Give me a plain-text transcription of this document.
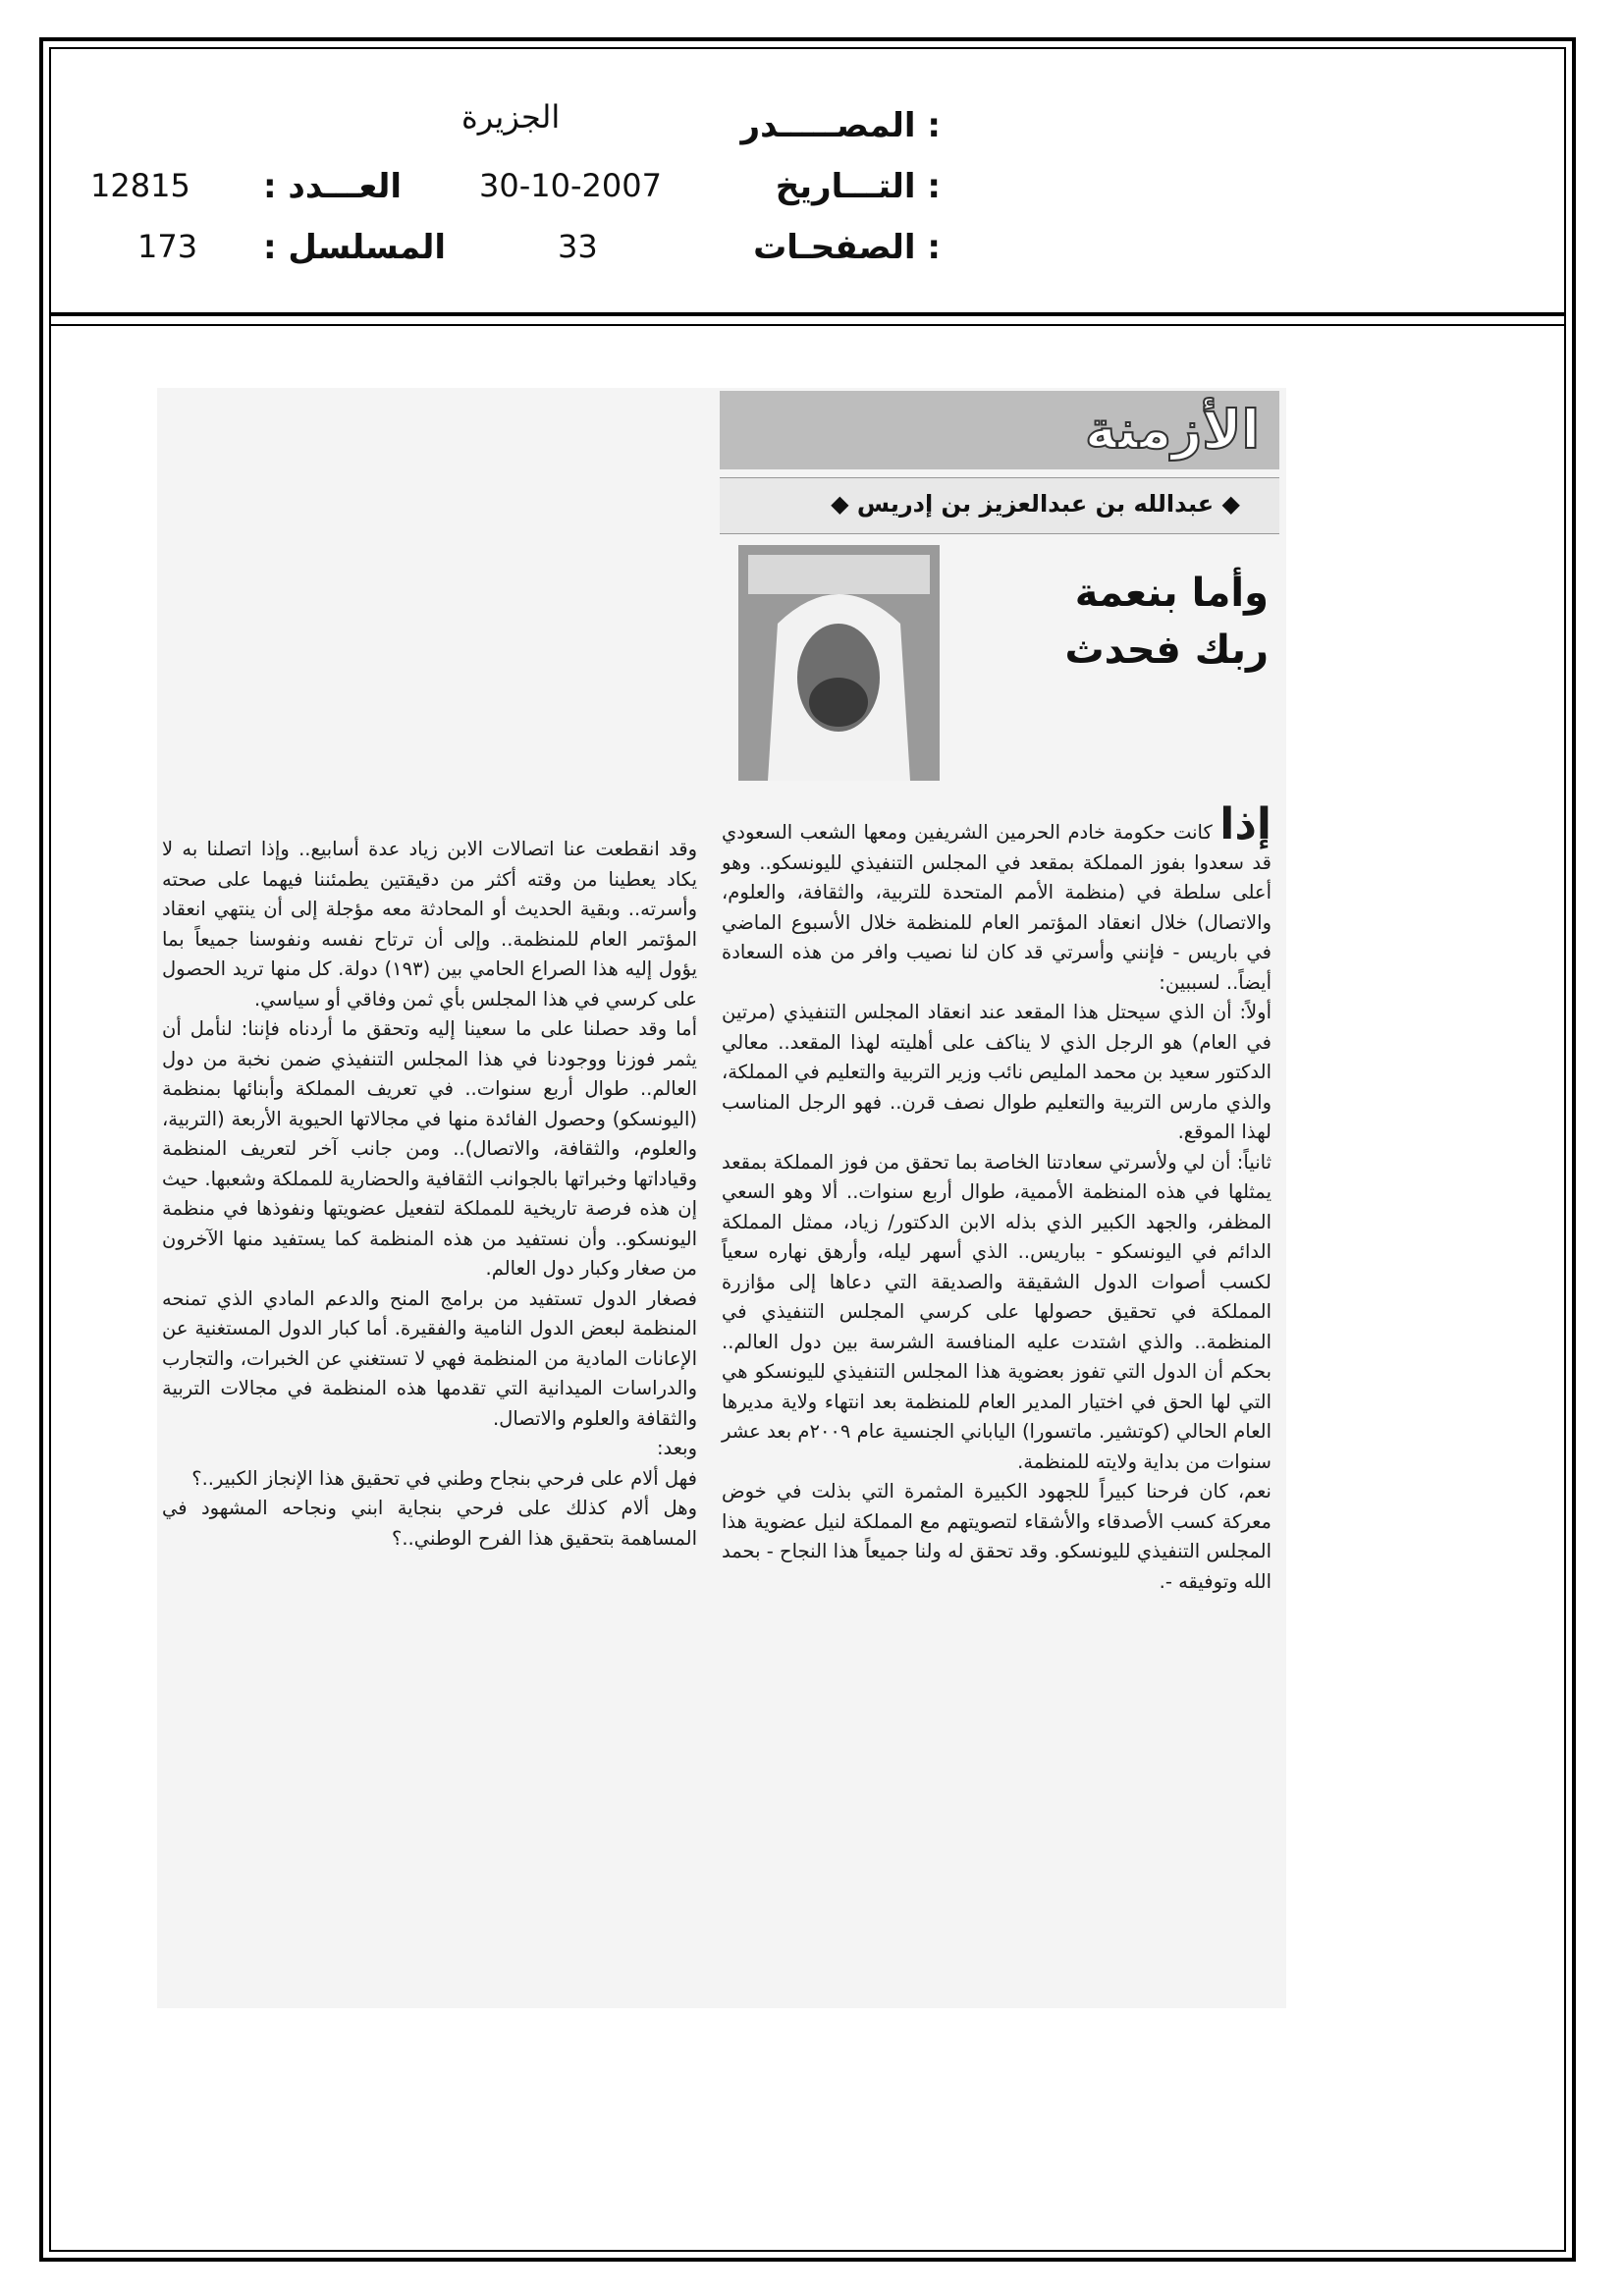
المصـــــدر :
الجزيرة
التـــاريخ :
30-10-2007
العـــدد :
12815
الصفحـات :
33
المسلسل :
173
الأزمنة
◆ عبدالله بن عبدالعزيز بن إدريس ◆
وأما بنعمة
ربك فحدث

إذا كانت حكومة خادم الحرمين الشريفين ومعها الشعب السعودي قد سعدوا بفوز المملكة بمقعد في المجلس التنفيذي لليونسكو.. وهو أعلى سلطة في (منظمة الأمم المتحدة للتربية، والثقافة، والعلوم، والاتصال) خلال انعقاد المؤتمر العام للمنظمة خلال الأسبوع الماضي في باريس - فإنني وأسرتي قد كان لنا نصيب وافر من هذه السعادة أيضاً.. لسببين:

أولاً: أن الذي سيحتل هذا المقعد عند انعقاد المجلس التنفيذي (مرتين في العام) هو الرجل الذي لا يناكف على أهليته لهذا المقعد.. معالي الدكتور سعيد بن محمد المليص نائب وزير التربية والتعليم في المملكة، والذي مارس التربية والتعليم طوال نصف قرن.. فهو الرجل المناسب لهذا الموقع.

ثانياً: أن لي ولأسرتي سعادتنا الخاصة بما تحقق من فوز المملكة بمقعد يمثلها في هذه المنظمة الأممية، طوال أربع سنوات.. ألا وهو السعي المظفر، والجهد الكبير الذي بذله الابن الدكتور/ زياد، ممثل المملكة الدائم في اليونسكو - بباريس.. الذي أسهر ليله، وأرهق نهاره سعياً لكسب أصوات الدول الشقيقة والصديقة التي دعاها إلى مؤازرة المملكة في تحقيق حصولها على كرسي المجلس التنفيذي في المنظمة.. والذي اشتدت عليه المنافسة الشرسة بين دول العالم.. بحكم أن الدول التي تفوز بعضوية هذا المجلس التنفيذي لليونسكو هي التي لها الحق في اختيار المدير العام للمنظمة بعد انتهاء ولاية مديرها العام الحالي (كوتشير. ماتسورا) الياباني الجنسية عام ٢٠٠٩م بعد عشر سنوات من بداية ولايته للمنظمة.

نعم، كان فرحنا كبيراً للجهود الكبيرة المثمرة التي بذلت في خوض معركة كسب الأصدقاء والأشقاء لتصويتهم مع المملكة لنيل عضوية هذا المجلس التنفيذي لليونسكو. وقد تحقق له ولنا جميعاً هذا النجاح - بحمد الله وتوفيقه -.

وقد انقطعت عنا اتصالات الابن زياد عدة أسابيع.. وإذا اتصلنا به لا يكاد يعطينا من وقته أكثر من دقيقتين يطمئننا فيهما على صحته وأسرته.. وبقية الحديث أو المحادثة معه مؤجلة إلى أن ينتهي انعقاد المؤتمر العام للمنظمة.. وإلى أن ترتاح نفسه ونفوسنا جميعاً بما يؤول إليه هذا الصراع الحامي بين (١٩٣) دولة. كل منها تريد الحصول على كرسي في هذا المجلس بأي ثمن وفاقي أو سياسي.

أما وقد حصلنا على ما سعينا إليه وتحقق ما أردناه فإننا: لنأمل أن يثمر فوزنا ووجودنا في هذا المجلس التنفيذي ضمن نخبة من دول العالم.. طوال أربع سنوات.. في تعريف المملكة وأبنائها بمنظمة (اليونسكو) وحصول الفائدة منها في مجالاتها الحيوية الأربعة (التربية، والعلوم، والثقافة، والاتصال).. ومن جانب آخر لتعريف المنظمة وقياداتها وخبراتها بالجوانب الثقافية والحضارية للمملكة وشعبها. حيث إن هذه فرصة تاريخية للمملكة لتفعيل عضويتها ونفوذها في منظمة اليونسكو.. وأن نستفيد من هذه المنظمة كما يستفيد منها الآخرون من صغار وكبار دول العالم.

فصغار الدول تستفيد من برامج المنح والدعم المادي الذي تمنحه المنظمة لبعض الدول النامية والفقيرة. أما كبار الدول المستغنية عن الإعانات المادية من المنظمة فهي لا تستغني عن الخبرات، والتجارب والدراسات الميدانية التي تقدمها هذه المنظمة في مجالات التربية والثقافة والعلوم والاتصال.

وبعد:

فهل ألام على فرحي بنجاح وطني في تحقيق هذا الإنجاز الكبير..؟

وهل ألام كذلك على فرحي بنجاية ابني ونجاحه المشهود في المساهمة بتحقيق هذا الفرح الوطني..؟
